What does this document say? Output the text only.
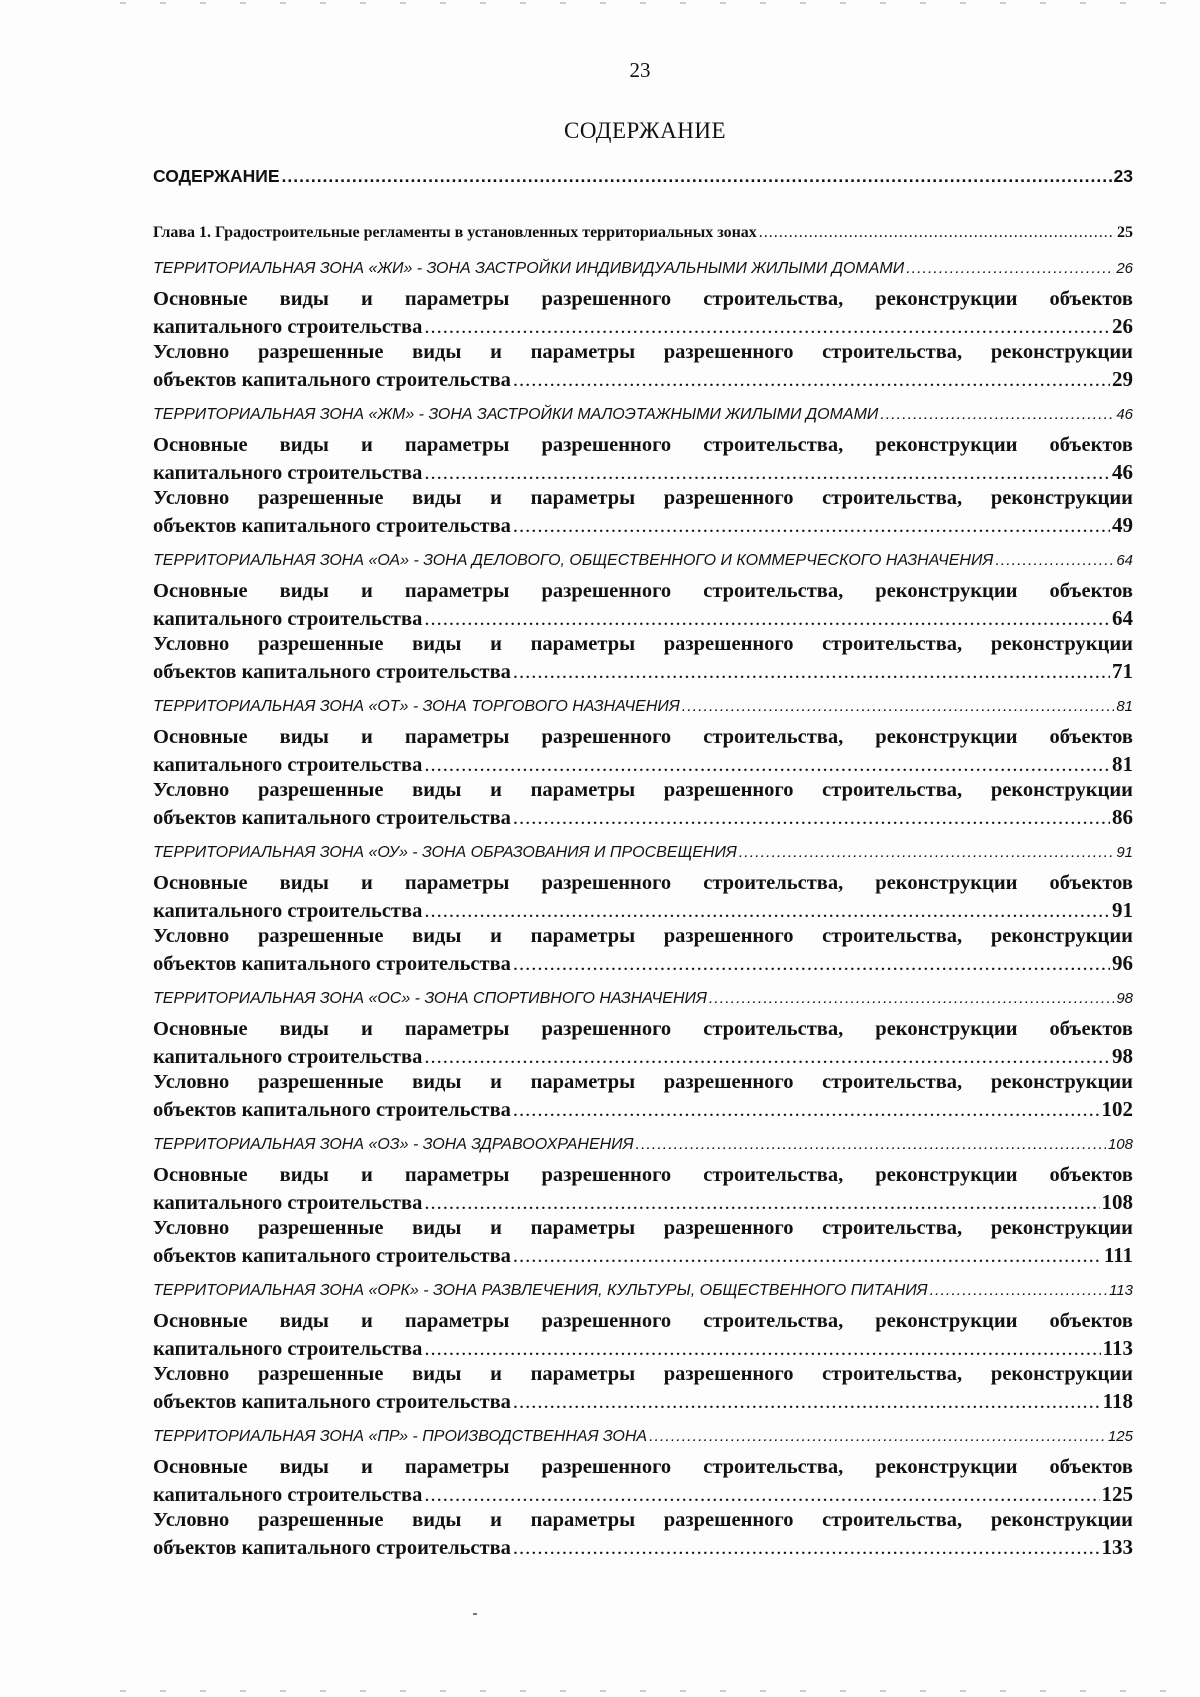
23
СОДЕРЖАНИЕ
СОДЕРЖАНИЕ .....	23
Глава 1. Градостроительные регламенты в установленных территориальных зонах .....	25
ТЕРРИТОРИАЛЬНАЯ ЗОНА «ЖИ» - ЗОНА ЗАСТРОЙКИ ИНДИВИДУАЛЬНЫМИ ЖИЛЫМИ ДОМАМИ .....	26
Основные виды и параметры разрешенного строительства, реконструкции объектов
капитального строительства .....	26
Условно разрешенные виды и параметры разрешенного строительства, реконструкции
объектов капитального строительства .....	29
ТЕРРИТОРИАЛЬНАЯ ЗОНА «ЖМ» - ЗОНА ЗАСТРОЙКИ МАЛОЭТАЖНЫМИ ЖИЛЫМИ ДОМАМИ .....	46
Основные виды и параметры разрешенного строительства, реконструкции объектов
капитального строительства .....	46
Условно разрешенные виды и параметры разрешенного строительства, реконструкции
объектов капитального строительства .....	49
ТЕРРИТОРИАЛЬНАЯ ЗОНА «ОА» - ЗОНА ДЕЛОВОГО, ОБЩЕСТВЕННОГО И КОММЕРЧЕСКОГО НАЗНАЧЕНИЯ .....	64
Основные виды и параметры разрешенного строительства, реконструкции объектов
капитального строительства .....	64
Условно разрешенные виды и параметры разрешенного строительства, реконструкции
объектов капитального строительства .....	71
ТЕРРИТОРИАЛЬНАЯ ЗОНА «ОТ» - ЗОНА ТОРГОВОГО НАЗНАЧЕНИЯ .....	81
Основные виды и параметры разрешенного строительства, реконструкции объектов
капитального строительства .....	81
Условно разрешенные виды и параметры разрешенного строительства, реконструкции
объектов капитального строительства .....	86
ТЕРРИТОРИАЛЬНАЯ ЗОНА «ОУ» - ЗОНА ОБРАЗОВАНИЯ И ПРОСВЕЩЕНИЯ .....	91
Основные виды и параметры разрешенного строительства, реконструкции объектов
капитального строительства .....	91
Условно разрешенные виды и параметры разрешенного строительства, реконструкции
объектов капитального строительства .....	96
ТЕРРИТОРИАЛЬНАЯ ЗОНА «ОС» - ЗОНА СПОРТИВНОГО НАЗНАЧЕНИЯ .....	98
Основные виды и параметры разрешенного строительства, реконструкции объектов
капитального строительства .....	98
Условно разрешенные виды и параметры разрешенного строительства, реконструкции
объектов капитального строительства .....	102
ТЕРРИТОРИАЛЬНАЯ ЗОНА «ОЗ» - ЗОНА ЗДРАВООХРАНЕНИЯ .....	108
Основные виды и параметры разрешенного строительства, реконструкции объектов
капитального строительства .....	108
Условно разрешенные виды и параметры разрешенного строительства, реконструкции
объектов капитального строительства .....	111
ТЕРРИТОРИАЛЬНАЯ ЗОНА «ОРК» - ЗОНА РАЗВЛЕЧЕНИЯ, КУЛЬТУРЫ, ОБЩЕСТВЕННОГО ПИТАНИЯ .....	113
Основные виды и параметры разрешенного строительства, реконструкции объектов
капитального строительства .....	113
Условно разрешенные виды и параметры разрешенного строительства, реконструкции
объектов капитального строительства .....	118
ТЕРРИТОРИАЛЬНАЯ ЗОНА «ПР» - ПРОИЗВОДСТВЕННАЯ ЗОНА .....	125
Основные виды и параметры разрешенного строительства, реконструкции объектов
капитального строительства .....	125
Условно разрешенные виды и параметры разрешенного строительства, реконструкции
объектов капитального строительства .....	133
